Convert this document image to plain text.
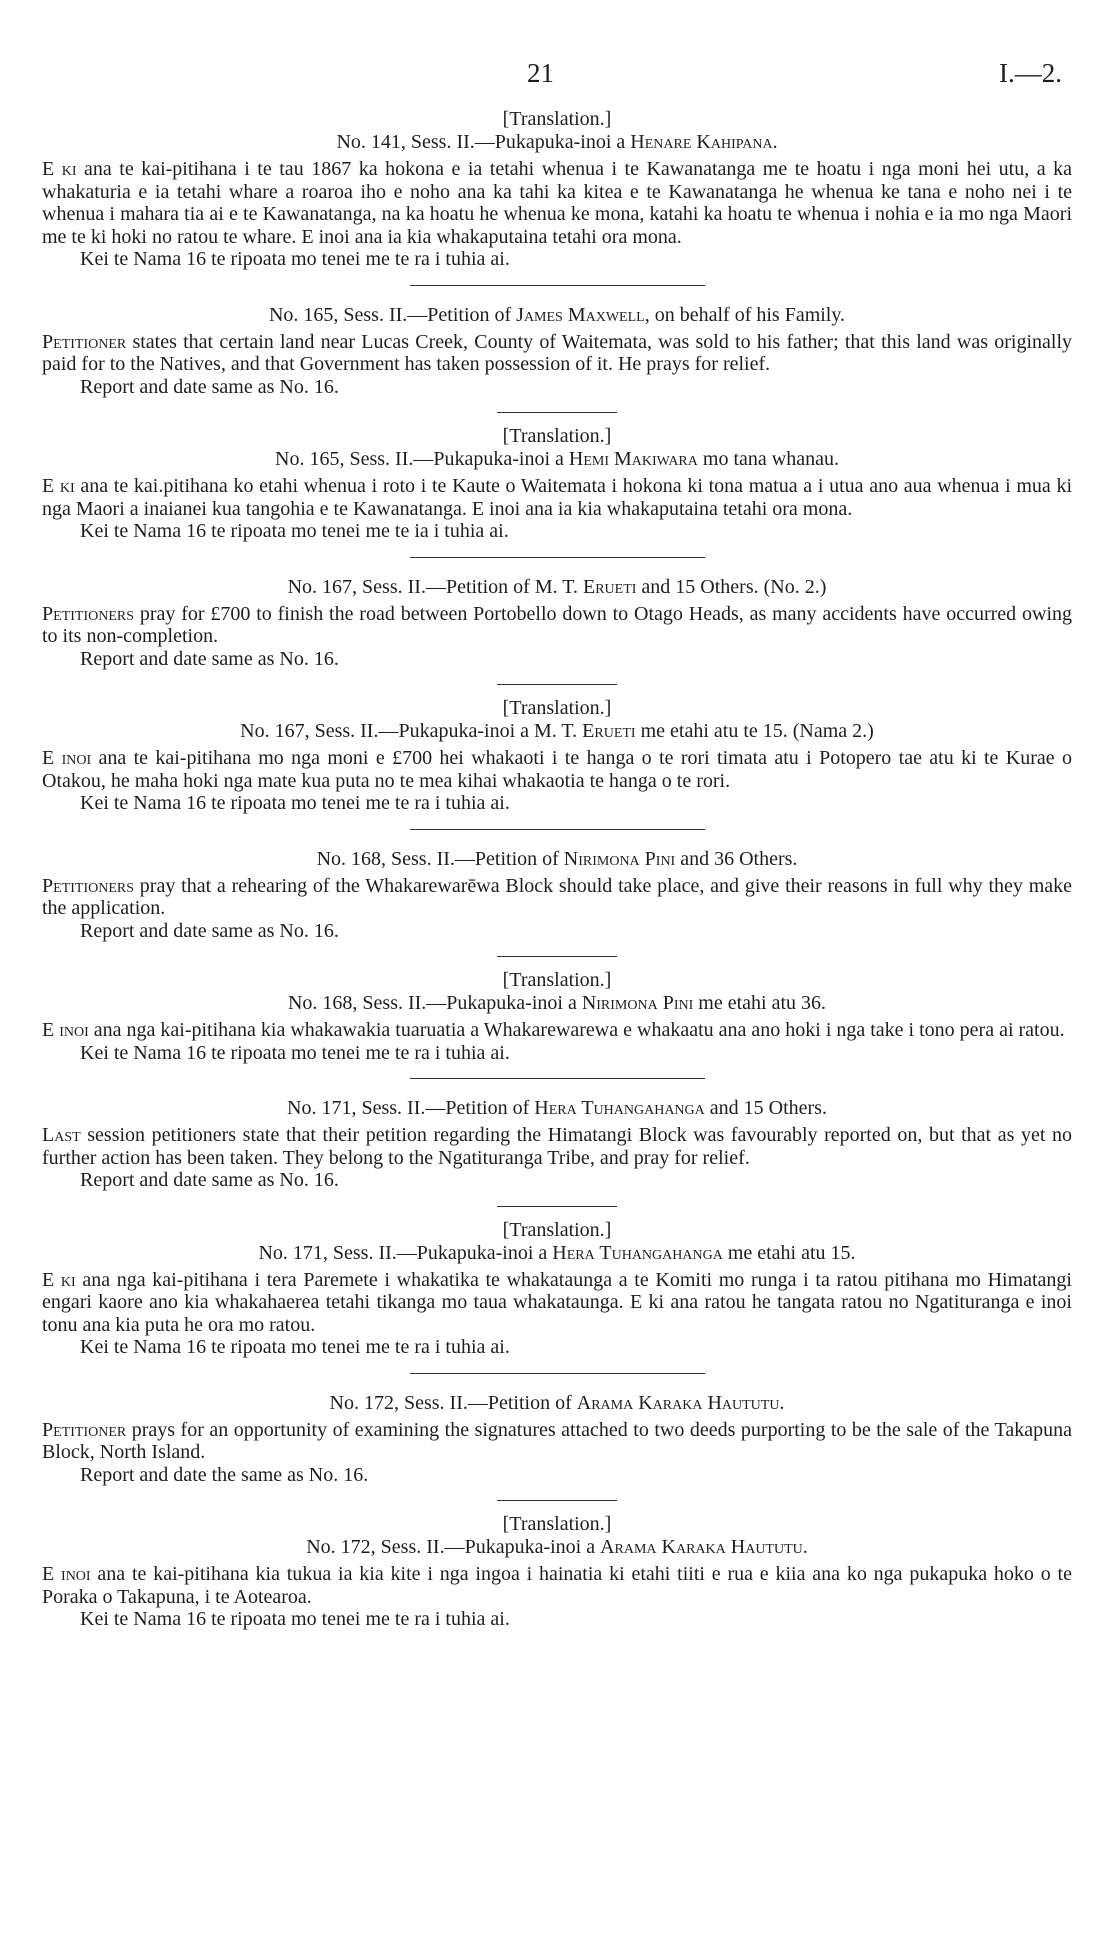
21	I.—2.

[Translation.]

No. 141, Sess. II.—Pukapuka-inoi a Henare Kahipana.

E ki ana te kai-pitihana i te tau 1867 ka hokona e ia tetahi whenua i te Kawanatanga me te hoatu i nga moni hei utu, a ka whakaturia e ia tetahi whare a roaroa iho e noho ana ka tahi ka kitea e te Kawanatanga he whenua ke tana e noho nei i te whenua i mahara tia ai e te Kawanatanga, na ka hoatu he whenua ke mona, katahi ka hoatu te whenua i nohia e ia mo nga Maori me te ki hoki no ratou te whare. E inoi ana ia kia whakaputaina tetahi ora mona.

Kei te Nama 16 te ripoata mo tenei me te ra i tuhia ai.

No. 165, Sess. II.—Petition of James Maxwell, on behalf of his Family.

Petitioner states that certain land near Lucas Creek, County of Waitemata, was sold to his father; that this land was originally paid for to the Natives, and that Government has taken possession of it. He prays for relief.

Report and date same as No. 16.

[Translation.]

No. 165, Sess. II.—Pukapuka-inoi a Hemi Makiwara mo tana whanau.

E ki ana te kai.pitihana ko etahi whenua i roto i te Kaute o Waitemata i hokona ki tona matua a i utua ano aua whenua i mua ki nga Maori a inaianei kua tangohia e te Kawanatanga. E inoi ana ia kia whakaputaina tetahi ora mona.

Kei te Nama 16 te ripoata mo tenei me te ia i tuhia ai.

No. 167, Sess. II.—Petition of M. T. Erueti and 15 Others. (No. 2.)

Petitioners pray for £700 to finish the road between Portobello down to Otago Heads, as many accidents have occurred owing to its non-completion.

Report and date same as No. 16.

[Translation.]

No. 167, Sess. II.—Pukapuka-inoi a M. T. Erueti me etahi atu te 15. (Nama 2.)

E inoi ana te kai-pitihana mo nga moni e £700 hei whakaoti i te hanga o te rori timata atu i Potopero tae atu ki te Kurae o Otakou, he maha hoki nga mate kua puta no te mea kihai whakaotia te hanga o te rori.

Kei te Nama 16 te ripoata mo tenei me te ra i tuhia ai.

No. 168, Sess. II.—Petition of Nirimona Pini and 36 Others.

Petitioners pray that a rehearing of the Whakarewarēwa Block should take place, and give their reasons in full why they make the application.

Report and date same as No. 16.

[Translation.]

No. 168, Sess. II.—Pukapuka-inoi a Nirimona Pini me etahi atu 36.

E inoi ana nga kai-pitihana kia whakawakia tuaruatia a Whakarewarewa e whakaatu ana ano hoki i nga take i tono pera ai ratou.

Kei te Nama 16 te ripoata mo tenei me te ra i tuhia ai.

No. 171, Sess. II.—Petition of Hera Tuhangahanga and 15 Others.

Last session petitioners state that their petition regarding the Himatangi Block was favourably reported on, but that as yet no further action has been taken. They belong to the Ngatituranga Tribe, and pray for relief.

Report and date same as No. 16.

[Translation.]

No. 171, Sess. II.—Pukapuka-inoi a Hera Tuhangahanga me etahi atu 15.

E ki ana nga kai-pitihana i tera Paremete i whakatika te whakataunga a te Komiti mo runga i ta ratou pitihana mo Himatangi engari kaore ano kia whakahaerea tetahi tikanga mo taua whakataunga. E ki ana ratou he tangata ratou no Ngatituranga e inoi tonu ana kia puta he ora mo ratou.

Kei te Nama 16 te ripoata mo tenei me te ra i tuhia ai.

No. 172, Sess. II.—Petition of Arama Karaka Haututu.

Petitioner prays for an opportunity of examining the signatures attached to two deeds purporting to be the sale of the Takapuna Block, North Island.

Report and date the same as No. 16.

[Translation.]

No. 172, Sess. II.—Pukapuka-inoi a Arama Karaka Haututu.

E inoi ana te kai-pitihana kia tukua ia kia kite i nga ingoa i hainatia ki etahi tiiti e rua e kiia ana ko nga pukapuka hoko o te Poraka o Takapuna, i te Aotearoa.

Kei te Nama 16 te ripoata mo tenei me te ra i tuhia ai.
